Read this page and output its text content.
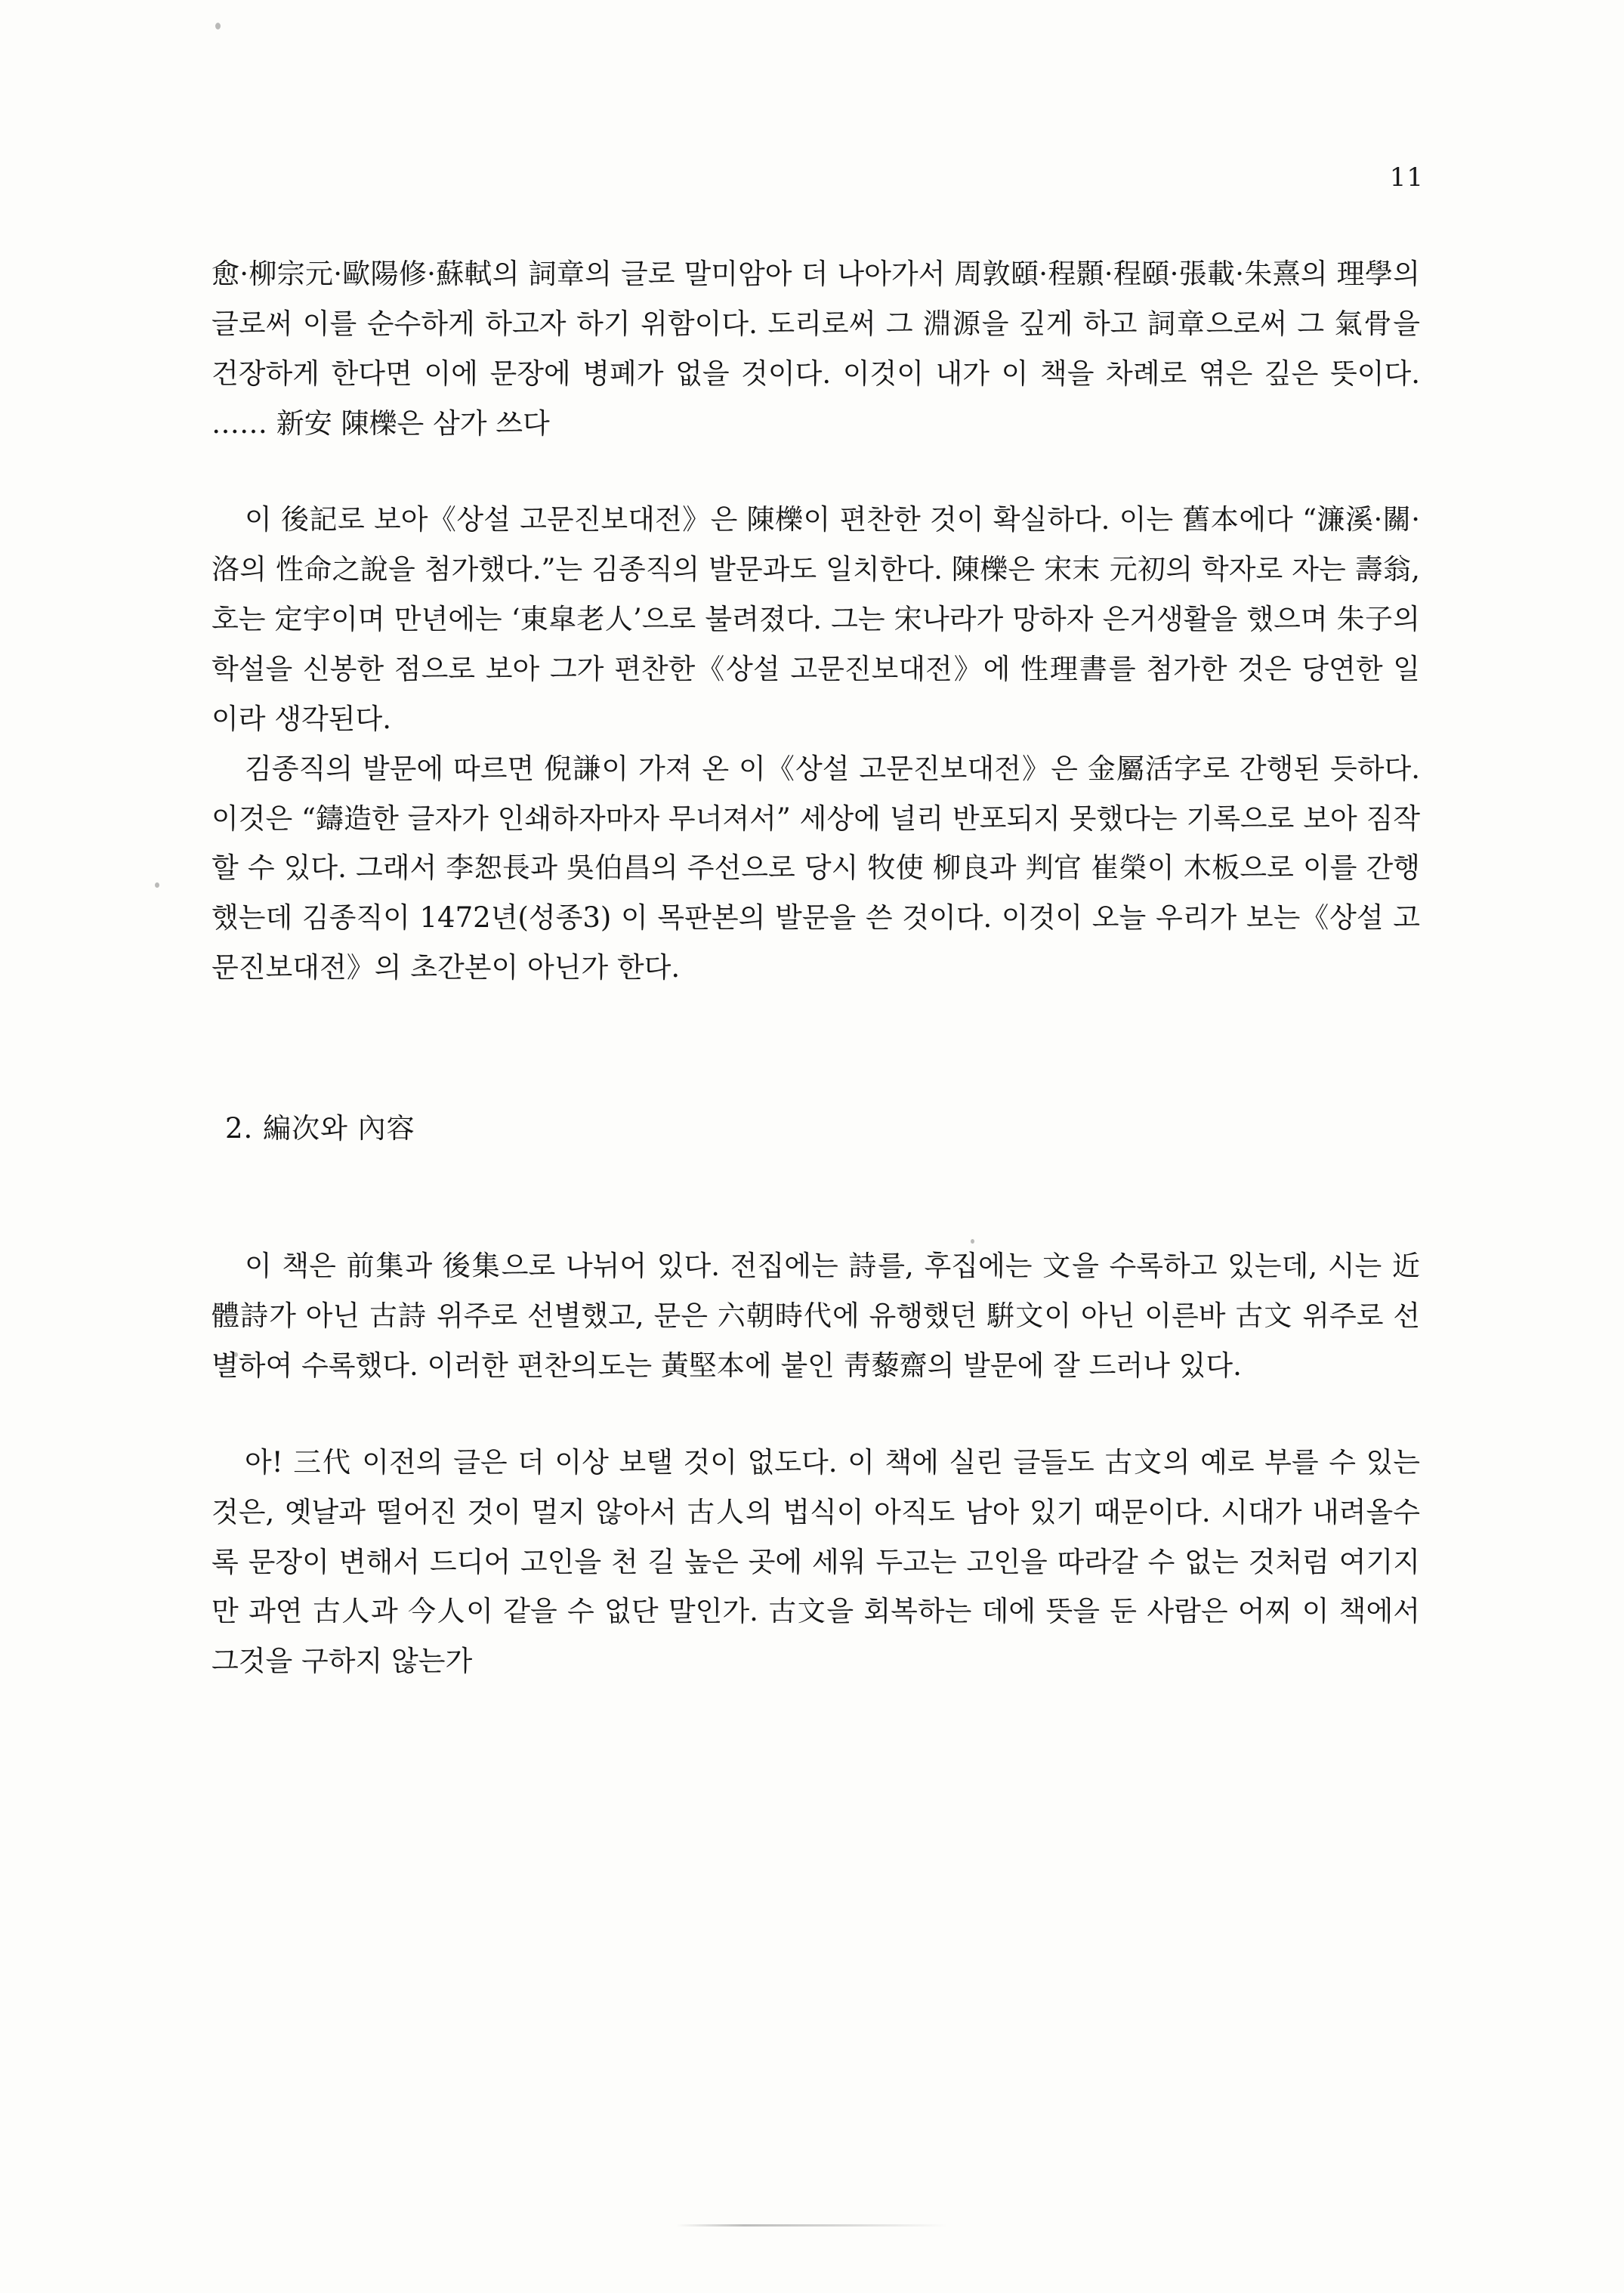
11

愈·柳宗元·歐陽修·蘇軾의 詞章의 글로 말미암아 더 나아가서 周敦頤·程顥·程頤·張載·朱熹의 理學의 글로써 이를 순수하게 하고자 하기 위함이다. 도리로써 그 淵源을 깊게 하고 詞章으로써 그 氣骨을 건장하게 한다면 이에 문장에 병폐가 없을 것이다. 이것이 내가 이 책을 차례로 엮은 깊은 뜻이다. …… 新安 陳櫟은 삼가 쓰다

이 後記로 보아《상설 고문진보대전》은 陳櫟이 편찬한 것이 확실하다. 이는 舊本에다 “濂溪·關·洛의 性命之說을 첨가했다.”는 김종직의 발문과도 일치한다. 陳櫟은 宋末 元初의 학자로 자는 壽翁, 호는 定宇이며 만년에는 ‘東皐老人’으로 불려졌다. 그는 宋나라가 망하자 은거생활을 했으며 朱子의 학설을 신봉한 점으로 보아 그가 편찬한《상설 고문진보대전》에 性理書를 첨가한 것은 당연한 일이라 생각된다.

김종직의 발문에 따르면 倪謙이 가져 온 이《상설 고문진보대전》은 金屬活字로 간행된 듯하다. 이것은 “鑄造한 글자가 인쇄하자마자 무너져서” 세상에 널리 반포되지 못했다는 기록으로 보아 짐작할 수 있다. 그래서 李恕長과 吳伯昌의 주선으로 당시 牧使 柳良과 判官 崔榮이 木板으로 이를 간행했는데 김종직이 1472년(성종3) 이 목판본의 발문을 쓴 것이다. 이것이 오늘 우리가 보는《상설 고문진보대전》의 초간본이 아닌가 한다.

2. 編次와 內容

이 책은 前集과 後集으로 나뉘어 있다. 전집에는 詩를, 후집에는 文을 수록하고 있는데, 시는 近體詩가 아닌 古詩 위주로 선별했고, 문은 六朝時代에 유행했던 騈文이 아닌 이른바 古文 위주로 선별하여 수록했다. 이러한 편찬의도는 黃堅本에 붙인 靑藜齋의 발문에 잘 드러나 있다.

아! 三代 이전의 글은 더 이상 보탤 것이 없도다. 이 책에 실린 글들도 古文의 예로 부를 수 있는 것은, 옛날과 떨어진 것이 멀지 않아서 古人의 법식이 아직도 남아 있기 때문이다. 시대가 내려올수록 문장이 변해서 드디어 고인을 천 길 높은 곳에 세워 두고는 고인을 따라갈 수 없는 것처럼 여기지만 과연 古人과 今人이 같을 수 없단 말인가. 古文을 회복하는 데에 뜻을 둔 사람은 어찌 이 책에서 그것을 구하지 않는가
